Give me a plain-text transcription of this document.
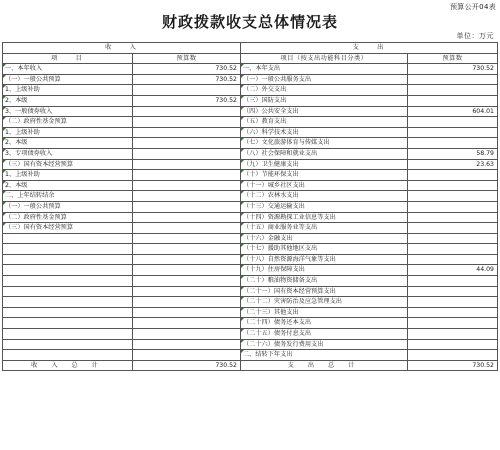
预算公开04表
财政拨款收支总体情况表
单位：万元
收　　入		支　　出	
项　　目	预算数	项目（按支出功能科目分类）	预算数
一、本年收入	730.52	一、本年支出	730.52
（一）一般公共预算	730.52	（一）一般公共服务支出	
1、上级补助		（二）外交支出	
2、本级	730.52	（三）国防支出	
3、一般债券收入		（四）公共安全支出	604.01
（二）政府性基金预算		（五）教育支出	
1、上级补助		（六）科学技术支出	
2、本级		（七）文化旅游体育与传媒支出	
3、专项债券收入		（八）社会保障和就业支出	58.79
（三）国有资本经营预算		（九）卫生健康支出	23.63
1、上级补助		（十）节能环保支出	
2、本级		（十一）城乡社区支出	
二、上年结转结余		（十二）农林水支出	
（一）一般公共预算		（十三）交通运输支出	
（二）政府性基金预算		（十四）资源勘探工业信息等支出	
（三）国有资本经营预算		（十五）商业服务业等支出	
		（十六）金融支出	
		（十七）援助其他地区支出	
		（十八）自然资源海洋气象等支出	
		（十九）住房保障支出	44.09
		（二十）粮油物资储备支出	
		（二十一）国有资本经营预算支出	
		（二十二）灾害防治及应急管理支出	
		（二十三）其他支出	
		（二十四）债务还本支出	
		（二十五）债务付息支出	
		（二十六）债务发行费用支出	
		二、结转下年支出	
收 入 总 计	730.52	支 出 总 计	730.52
